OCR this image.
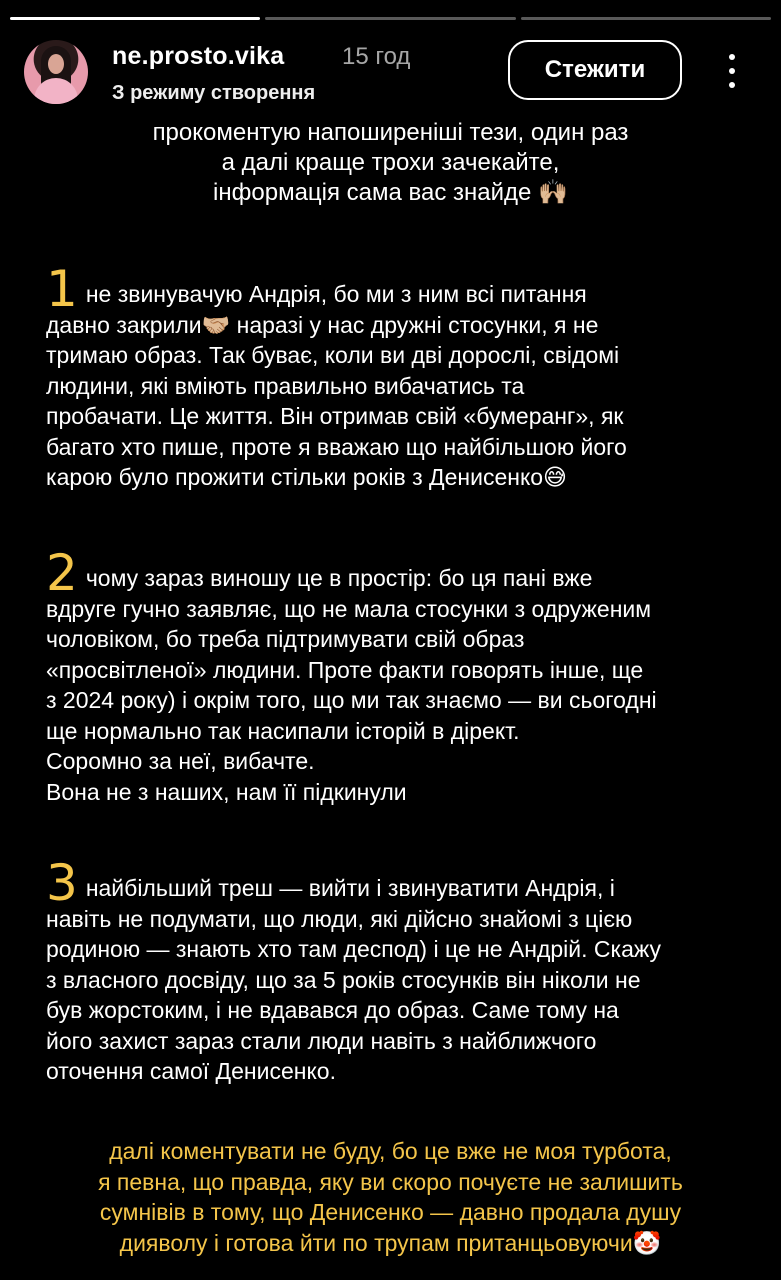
ne.prosto.vika 15 год
З режиму створення
Стежити
прокоментую напоширеніші тези, один раз
а далі краще трохи зачекайте,
інформація сама вас знайде 🙌🏼
1 не звинувачую Андрія, бо ми з ним всі питання
давно закрили🤝🏼 наразі у нас дружні стосунки, я не
тримаю образ. Так буває, коли ви дві дорослі, свідомі
людини, які вміють правильно вибачатись та
пробачати. Це життя. Він отримав свій «бумеранг», як
багато хто пише, проте я вважаю що найбільшою його
карою було прожити стільки років з Денисенко😅
2 чому зараз виношу це в простір: бо ця пані вже
вдруге гучно заявляє, що не мала стосунки з одруженим
чоловіком, бо треба підтримувати свій образ
«просвітленої» людини. Проте факти говорять інше, ще
з 2024 року) і окрім того, що ми так знаємо — ви сьогодні
ще нормально так насипали історій в дірект.
Соромно за неї, вибачте.
Вона не з наших, нам її підкинули
3 найбільший треш — вийти і звинуватити Андрія, і
навіть не подумати, що люди, які дійсно знайомі з цією
родиною — знають хто там деспод) і це не Андрій. Скажу
з власного досвіду, що за 5 років стосунків він ніколи не
був жорстоким, і не вдавався до образ. Саме тому на
його захист зараз стали люди навіть з найближчого
оточення самої Денисенко.
далі коментувати не буду, бо це вже не моя турбота,
я певна, що правда, яку ви скоро почуєте не залишить
сумнівів в тому, що Денисенко — давно продала душу
дияволу і готова йти по трупам пританцьовуючи🤡
